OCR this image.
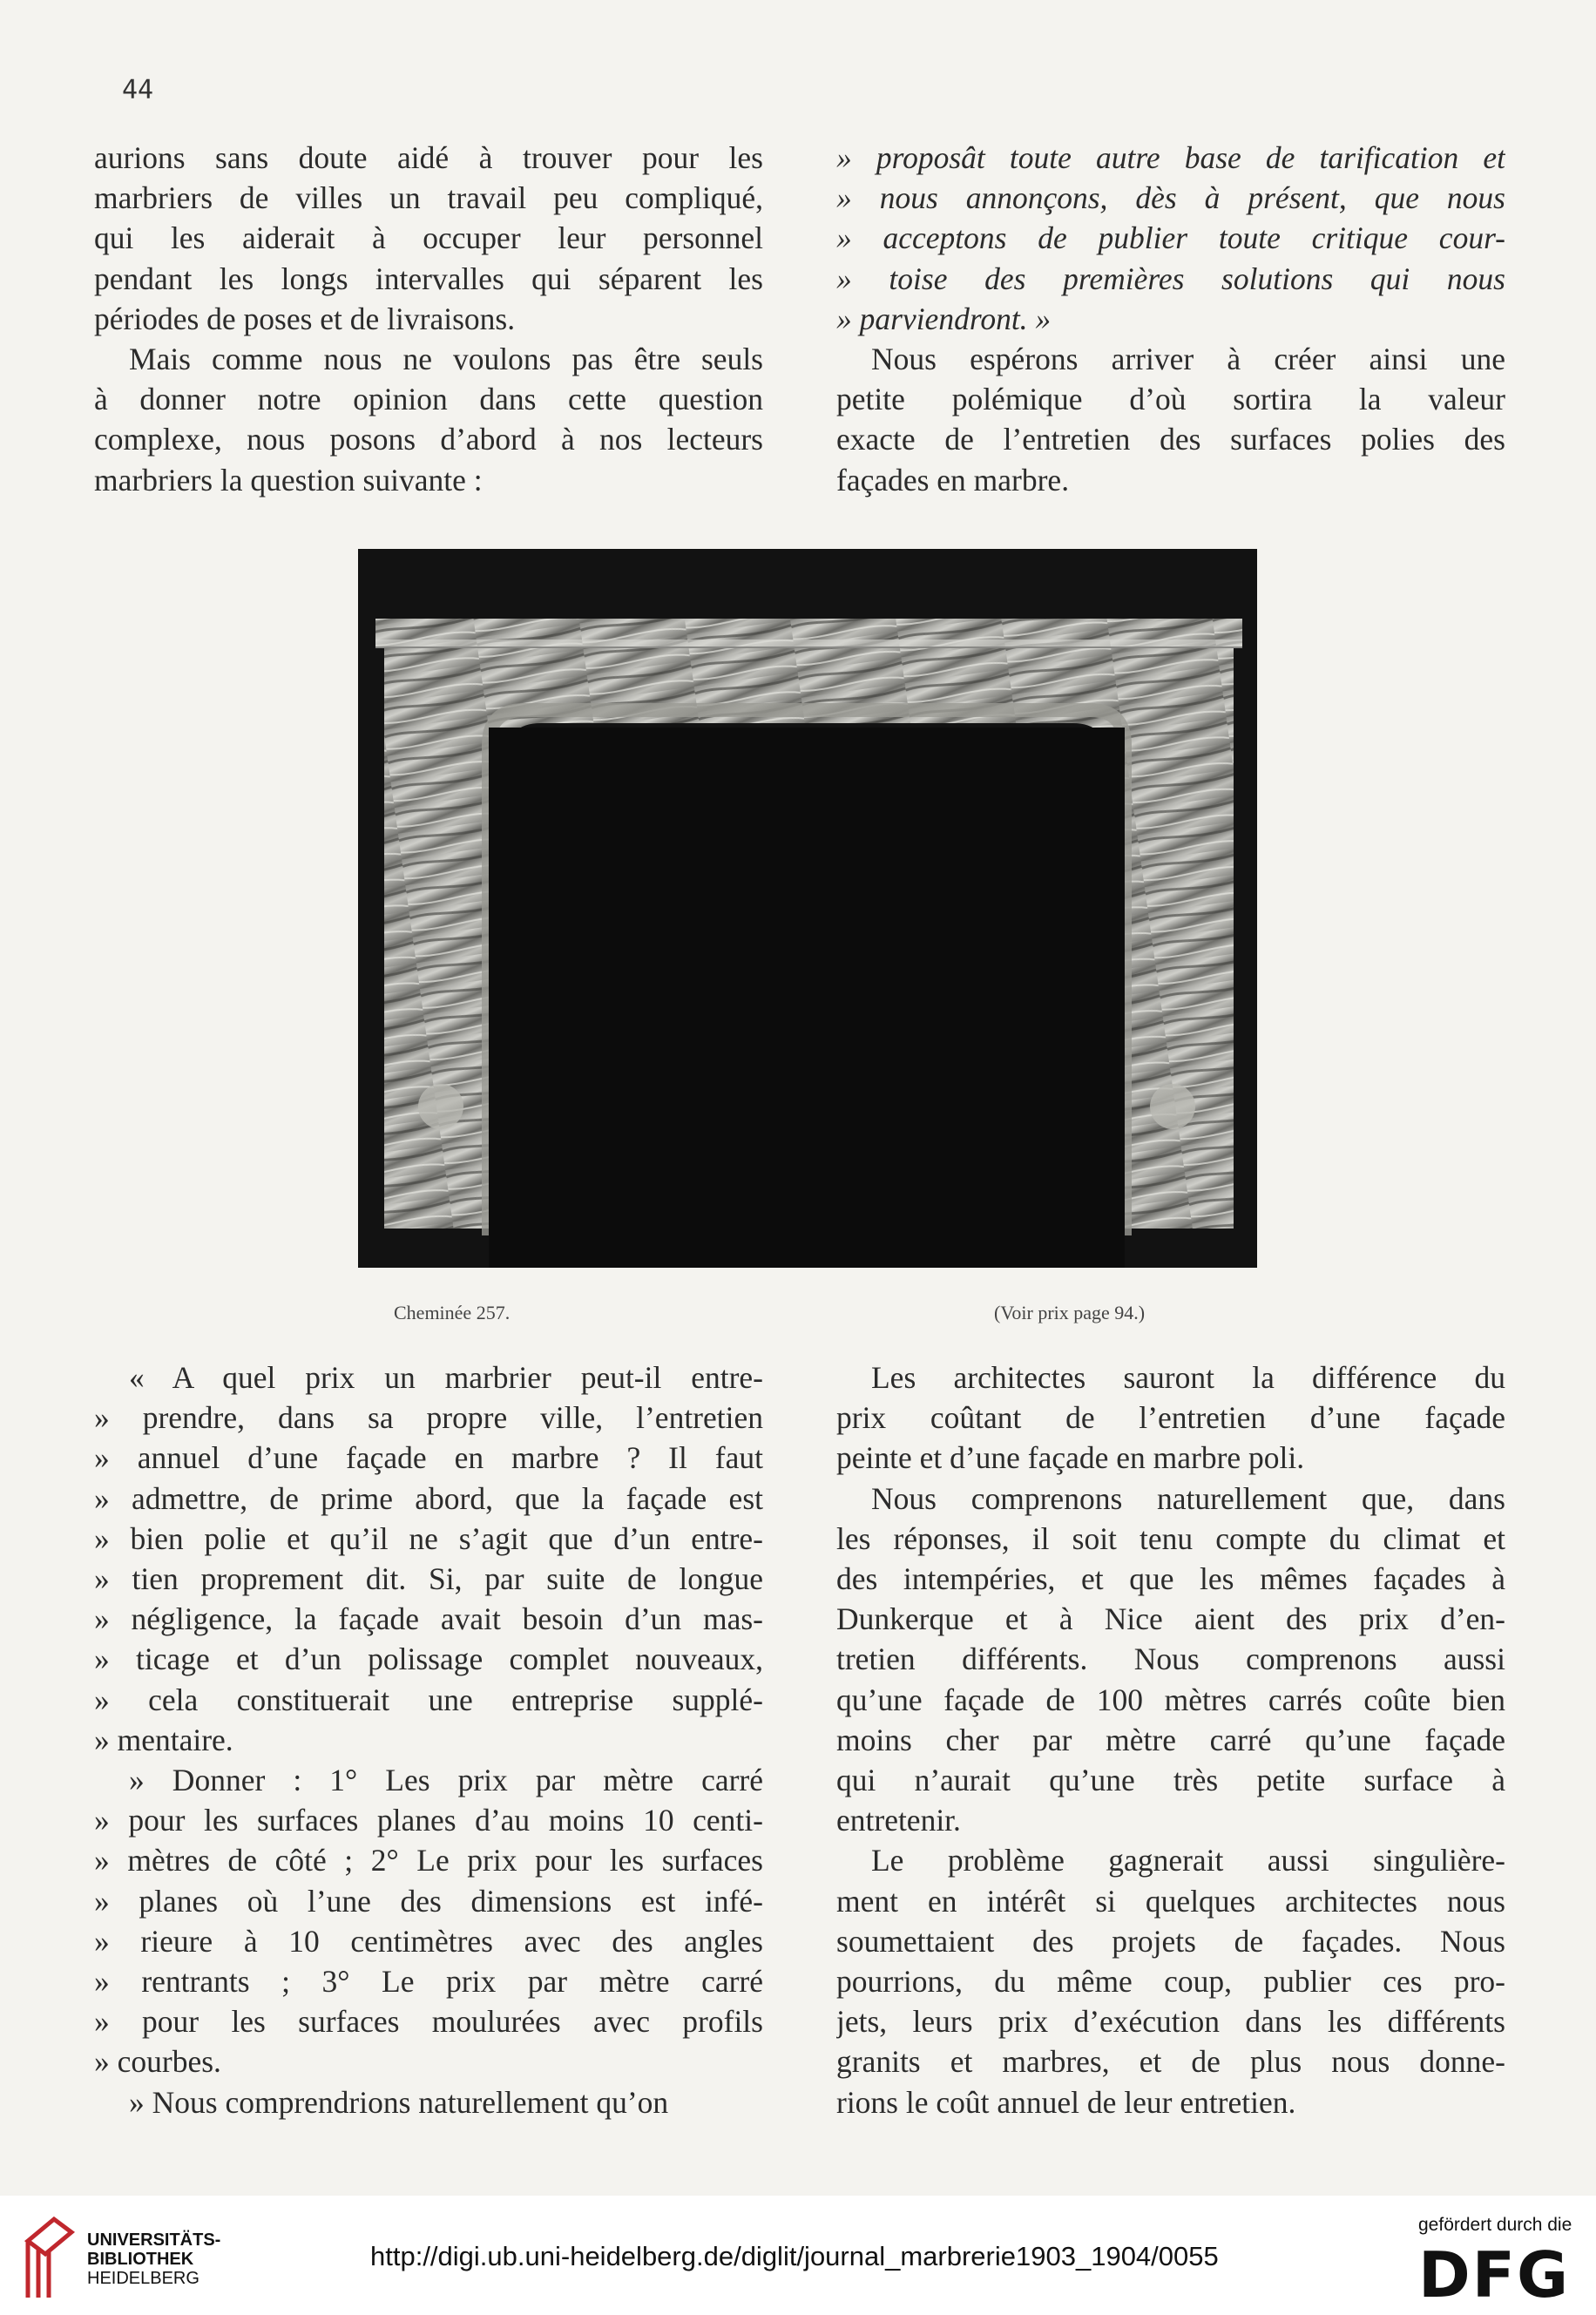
44
aurions sans doute aidé à trouver pour les
marbriers de villes un travail peu compliqué,
qui les aiderait à occuper leur personnel
pendant les longs intervalles qui séparent les
périodes de poses et de livraisons.
Mais comme nous ne voulons pas être seuls
à donner notre opinion dans cette question
complexe, nous posons d’abord à nos lecteurs
marbriers la question suivante :
» proposât toute autre base de tarification et
» nous annonçons, dès à présent, que nous
» acceptons de publier toute critique cour-
» toise des premières solutions qui nous
» parviendront. »
Nous espérons arriver à créer ainsi une
petite polémique d’où sortira la valeur
exacte de l’entretien des surfaces polies des
façades en marbre.
Cheminée 257.	(Voir prix page 94.)
« A quel prix un marbrier peut-il entre-
» prendre, dans sa propre ville, l’entretien
» annuel d’une façade en marbre ? Il faut
» admettre, de prime abord, que la façade est
» bien polie et qu’il ne s’agit que d’un entre-
» tien proprement dit. Si, par suite de longue
» négligence, la façade avait besoin d’un mas-
» ticage et d’un polissage complet nouveaux,
» cela constituerait une entreprise supplé-
» mentaire.
» Donner : 1° Les prix par mètre carré
» pour les surfaces planes d’au moins 10 centi-
» mètres de côté ; 2° Le prix pour les surfaces
» planes où l’une des dimensions est infé-
» rieure à 10 centimètres avec des angles
» rentrants ; 3° Le prix par mètre carré
» pour les surfaces moulurées avec profils
» courbes.
» Nous comprendrions naturellement qu’on
Les architectes sauront la différence du
prix coûtant de l’entretien d’une façade
peinte et d’une façade en marbre poli.
Nous comprenons naturellement que, dans
les réponses, il soit tenu compte du climat et
des intempéries, et que les mêmes façades à
Dunkerque et à Nice aient des prix d’en-
tretien différents. Nous comprenons aussi
qu’une façade de 100 mètres carrés coûte bien
moins cher par mètre carré qu’une façade
qui n’aurait qu’une très petite surface à
entretenir.
Le problème gagnerait aussi singulière-
ment en intérêt si quelques architectes nous
soumettaient des projets de façades. Nous
pourrions, du même coup, publier ces pro-
jets, leurs prix d’exécution dans les différents
granits et marbres, et de plus nous donne-
rions le coût annuel de leur entretien.
UNIVERSITÄTS-
BIBLIOTHEK
HEIDELBERG
http://digi.ub.uni-heidelberg.de/diglit/journal_marbrerie1903_1904/0055
gefördert durch die
DFG
